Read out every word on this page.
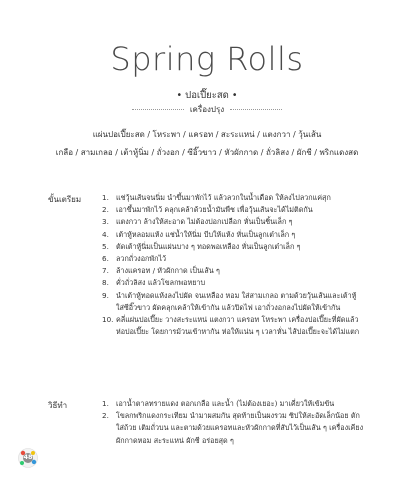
Spring Rolls
• ปอเปี๊ยะสด •
เครื่องปรุง
แผ่นปอเปี๊ยะสด / โหระพา / แครอท / สะระแหน่ / แตงกวา / วุ้นเส้น
เกลือ / สามเกลอ / เต้าหู้นิ่ม / ถั่วงอก / ซีอิ๊วขาว / หัวผักกาด / ถั่วลิสง / ผักชี / พริกแดงสด
ขั้นเตรียม	1. แช่วุ้นเส้นจนนิ่ม นำขึ้นมาพักไว้ แล้วลวกในน้ำเดือด ให้ลงไปลวกแค่สุก
2. เอาขึ้นมาพักไว้ คลุกเคล้าด้วยน้ำมันพืช เพื่อวุ้นเส้นจะได้ไม่ติดกัน
3. แตงกวา ล้างให้สะอาด ไม่ต้องปอกเปลือก หั่นเป็นชิ้นเล็ก ๆ
4. เต้าหู้หลอมแห้ง แช่น้ำให้นิ่ม บีบให้แห้ง หั่นเป็นลูกเต๋าเล็ก ๆ
5. ตัดเต้าหู้นิ่มเป็นแผ่นบาง ๆ ทอดพอเหลือง หั่นเป็นลูกเต๋าเล็ก ๆ
6. ลวกถั่วงอกพักไว้
7. ล้างแครอท / หัวผักกาด เป็นเส้น ๆ
8. คั่วถั่วลิสง แล้วโขลกพอหยาบ
9. นำเต้าหู้ทอดแห้งลงไปผัด จนเหลือง หอม ใส่สามเกลอ ตามด้วยวุ้นเส้นและเต้าหู้ ใส่ซีอิ๊วขาว ผัดคลุกเคล้าให้เข้ากัน แล้วปิดไฟ เอาถั่วงอกลงไปผัดให้เข้ากัน
10. คลี่แผ่นปอเปี๊ยะ วางสะระแหน่ แตงกวา แครอท โหระพา เครื่องปอเปี๊ยะที่ผัดแล้วห่อปอเปี๊ยะ โดยการม้วนเข้าหากัน ห่อให้แน่น ๆ เวลาหั่น ไส้ปอเปี๊ยะจะได้ไม่แตก
วิธีทำ	1. เอาน้ำตาลทรายแดง ตอกเกลือ และน้ำ (ไม่ต้องเยอะ) มาเคี่ยวให้เข้มข้น
2. โขลกพริกแดงกระเทียม นำมาผสมกัน สุดท้ายเป็นผงรวม ซิปให้สะอัดเล็กน้อย ตักใส่ถ้วย เติมถั่วบน และตามด้วยแครอทและหัวผักกาดที่สับไว้เป็นเส้น ๆ เครื่องเคียงผักกาดหอม สะระแหน่ ผักชี อร่อยสุด ๆ
48
